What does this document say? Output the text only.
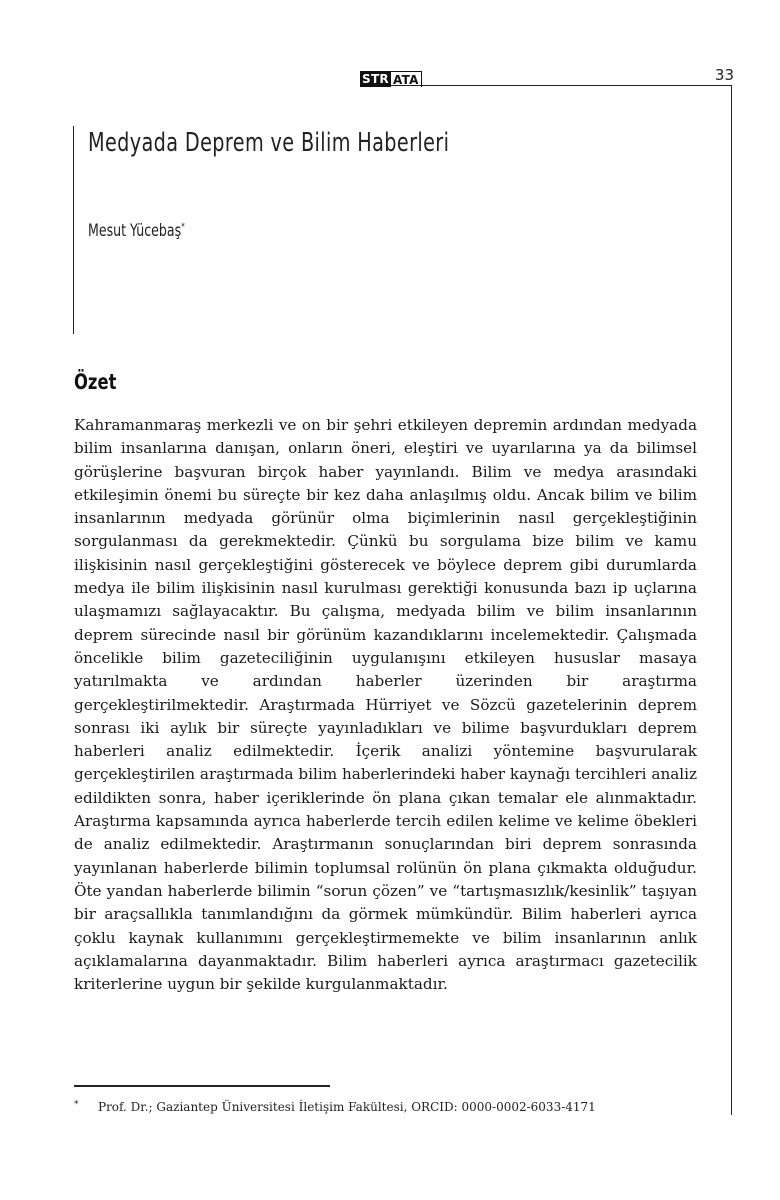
STR ATA	33
Medyada Deprem ve Bilim Haberleri
Mesut Yücebaş*
Özet

Kahramanmaraş merkezli ve on bir şehri etkileyen depremin ardından medyada bilim insanlarına danışan, onların öneri, eleştiri ve uyarılarına ya da bilimsel görüşlerine başvuran birçok haber yayınlandı. Bilim ve medya arasındaki etkileşimin önemi bu süreçte bir kez daha anlaşılmış oldu. Ancak bilim ve bilim insanlarının medyada görünür olma biçimlerinin nasıl gerçekleştiğinin sorgulanması da gerekmektedir. Çünkü bu sorgulama bize bilim ve kamu ilişkisinin nasıl gerçekleştiğini gösterecek ve böylece deprem gibi durumlarda medya ile bilim ilişkisinin nasıl kurulması gerektiği konusunda bazı ip uçlarına ulaşmamızı sağlayacaktır. Bu çalışma, medyada bilim ve bilim insanlarının deprem sürecinde nasıl bir görünüm kazandıklarını incelemektedir. Çalışmada öncelikle bilim gazeteciliğinin uygulanışını etkileyen hususlar masaya yatırılmakta ve ardından haberler üzerinden bir araştırma gerçekleştirilmektedir. Araştırmada Hürriyet ve Sözcü gazetelerinin deprem sonrası iki aylık bir süreçte yayınladıkları ve bilime başvurdukları deprem haberleri analiz edilmektedir. İçerik analizi yöntemine başvurularak gerçekleştirilen araştırmada bilim haberlerindeki haber kaynağı tercihleri analiz edildikten sonra, haber içeriklerinde ön plana çıkan temalar ele alınmaktadır. Araştırma kapsamında ayrıca haberlerde tercih edilen kelime ve kelime öbekleri de analiz edilmektedir. Araştırmanın sonuçlarından biri deprem sonrasında yayınlanan haberlerde bilimin toplumsal rolünün ön plana çıkmakta olduğudur. Öte yandan haberlerde bilimin “sorun çözen” ve “tartışmasızlık/kesinlik” taşıyan bir araçsallıkla tanımlandığını da görmek mümkündür. Bilim haberleri ayrıca çoklu kaynak kullanımını gerçekleştirmemekte ve bilim insanlarının anlık açıklamalarına dayanmaktadır. Bilim haberleri ayrıca araştırmacı gazetecilik kriterlerine uygun bir şekilde kurgulanmaktadır.

* Prof. Dr.; Gaziantep Üniversitesi İletişim Fakültesi, ORCID: 0000-0002-6033-4171
